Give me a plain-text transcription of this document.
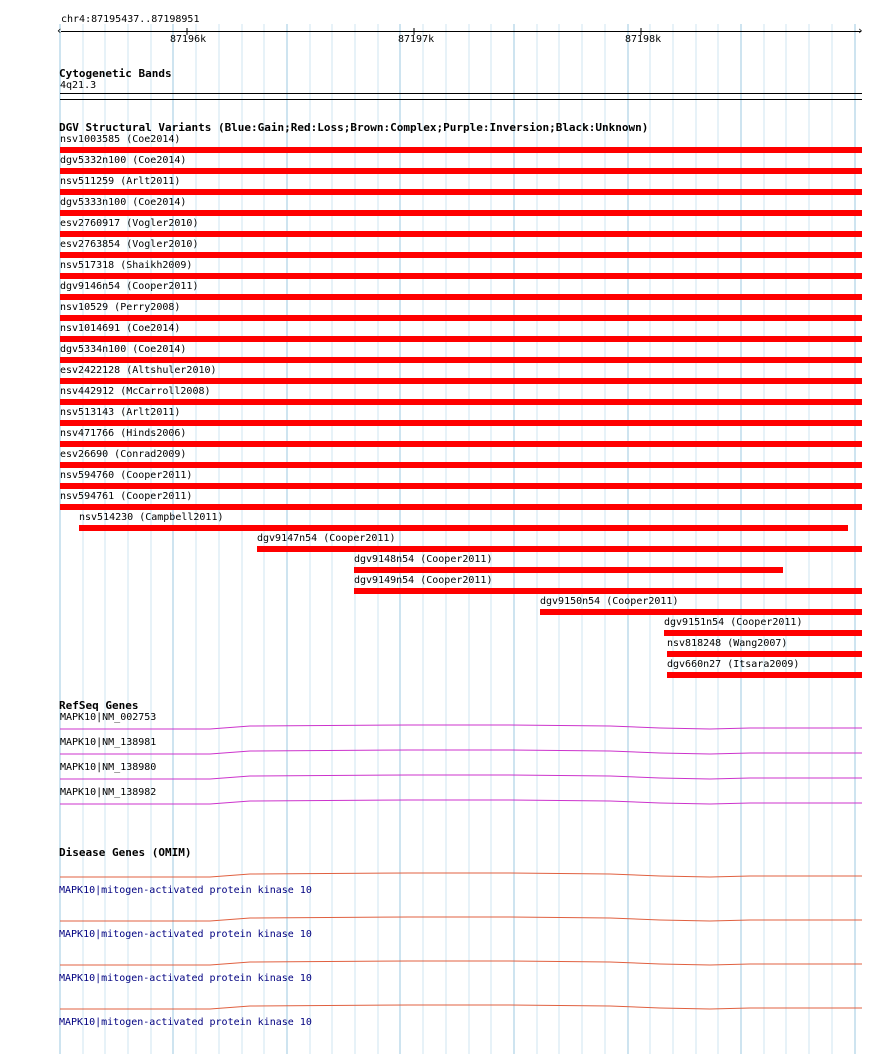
chr4:87195437..87198951
‹	›
87196k	87197k	87198k
Cytogenetic Bands
4q21.3
DGV Structural Variants (Blue:Gain;Red:Loss;Brown:Complex;Purple:Inversion;Black:Unknown)
nsv1003585 (Coe2014)
dgv5332n100 (Coe2014)
nsv511259 (Arlt2011)
dgv5333n100 (Coe2014)
esv2760917 (Vogler2010)
esv2763854 (Vogler2010)
nsv517318 (Shaikh2009)
dgv9146n54 (Cooper2011)
nsv10529 (Perry2008)
nsv1014691 (Coe2014)
dgv5334n100 (Coe2014)
esv2422128 (Altshuler2010)
nsv442912 (McCarroll2008)
nsv513143 (Arlt2011)
nsv471766 (Hinds2006)
esv26690 (Conrad2009)
nsv594760 (Cooper2011)
nsv594761 (Cooper2011)
nsv514230 (Campbell2011)
dgv9147n54 (Cooper2011)
dgv9148n54 (Cooper2011)
dgv9149n54 (Cooper2011)
dgv9150n54 (Cooper2011)
dgv9151n54 (Cooper2011)
nsv818248 (Wang2007)
dgv660n27 (Itsara2009)
RefSeq Genes
MAPK10|NM_002753
MAPK10|NM_138981
MAPK10|NM_138980
MAPK10|NM_138982
Disease Genes (OMIM)
MAPK10|mitogen-activated protein kinase 10
MAPK10|mitogen-activated protein kinase 10
MAPK10|mitogen-activated protein kinase 10
MAPK10|mitogen-activated protein kinase 10
